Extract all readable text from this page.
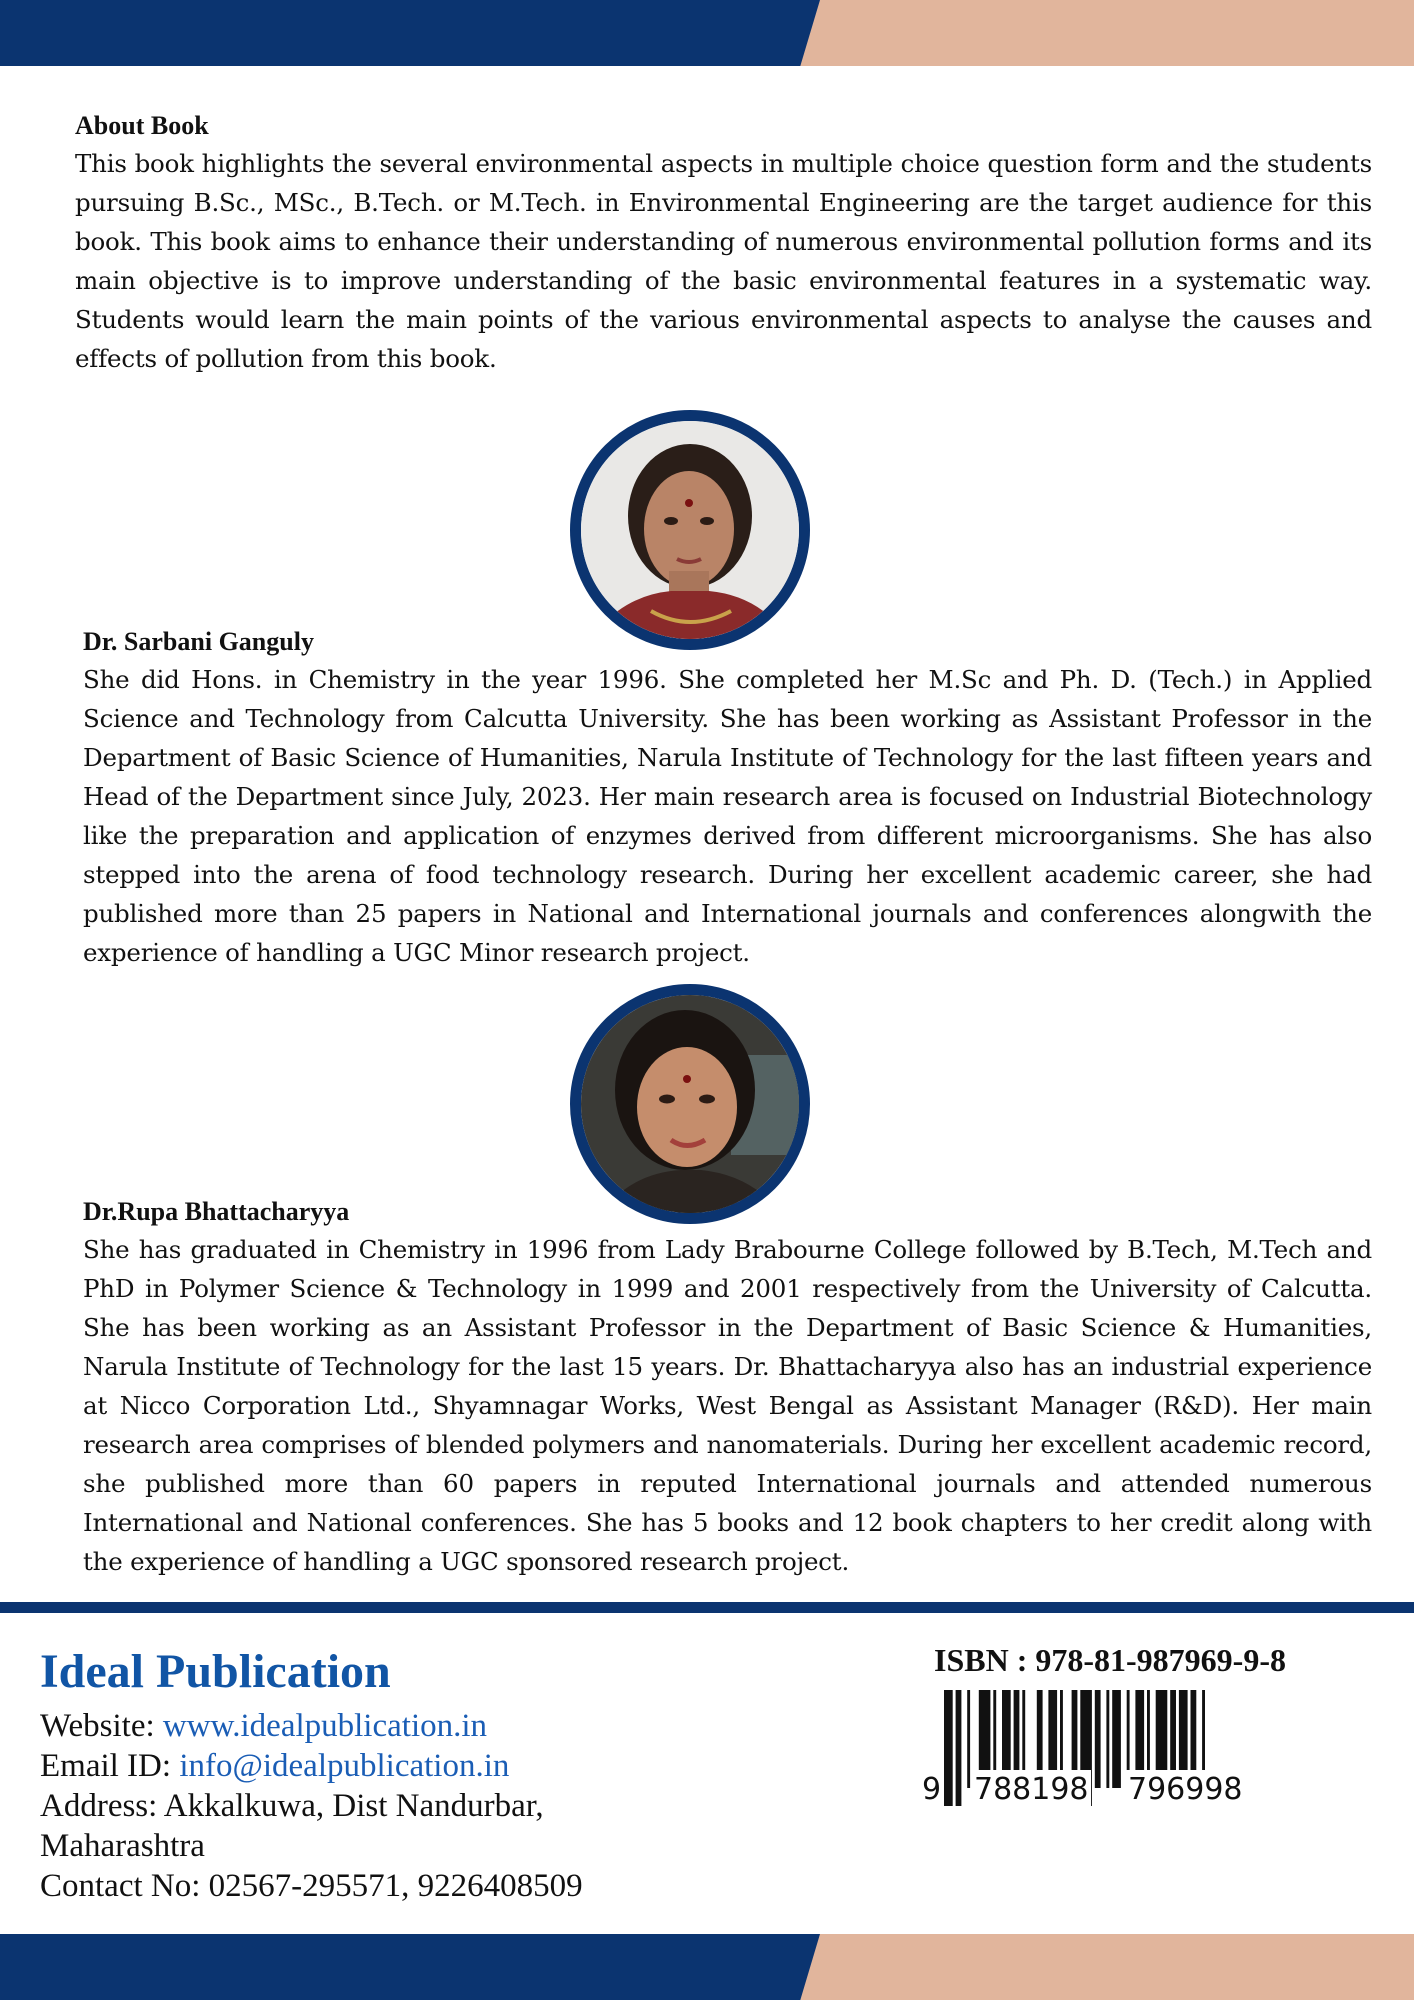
About Book

This book highlights the several environmental aspects in multiple choice question form and the students pursuing B.Sc., MSc., B.Tech. or M.Tech. in Environmental Engineering are the target audience for this book. This book aims to enhance their understanding of numerous environmental pollution forms and its main objective is to improve understanding of the basic environmental features in a systematic way. Students would learn the main points of the various environmental aspects to analyse the causes and effects of pollution from this book.

Dr. Sarbani Ganguly

She did Hons. in Chemistry in the year 1996. She completed her M.Sc and Ph. D. (Tech.) in Applied Science and Technology from Calcutta University. She has been working as Assistant Professor in the Department of Basic Science of Humanities, Narula Institute of Technology for the last fifteen years and Head of the Department since July, 2023. Her main research area is focused on Industrial Biotechnology like the preparation and application of enzymes derived from different microorganisms. She has also stepped into the arena of food technology research. During her excellent academic career, she had published more than 25 papers in National and International journals and conferences alongwith the experience of handling a UGC Minor research project.

Dr.Rupa Bhattacharyya

She has graduated in Chemistry in 1996 from Lady Brabourne College followed by B.Tech, M.Tech and PhD in Polymer Science & Technology in 1999 and 2001 respectively from the University of Calcutta. She has been working as an Assistant Professor in the Department of Basic Science & Humanities, Narula Institute of Technology for the last 15 years. Dr. Bhattacharyya also has an industrial experience at Nicco Corporation Ltd., Shyamnagar Works, West Bengal as Assistant Manager (R&D). Her main research area comprises of blended polymers and nanomaterials. During her excellent academic record, she published more than 60 papers in reputed International journals and attended numerous International and National conferences. She has 5 books and 12 book chapters to her credit along with the experience of handling a UGC sponsored research project.

Ideal Publication

Website: www.idealpublication.in

Email ID: info@idealpublication.in

Address: Akkalkuwa, Dist Nandurbar,

Maharashtra

Contact No: 02567-295571, 9226408509

ISBN : 978-81-987969-9-8

9 788198 796998
